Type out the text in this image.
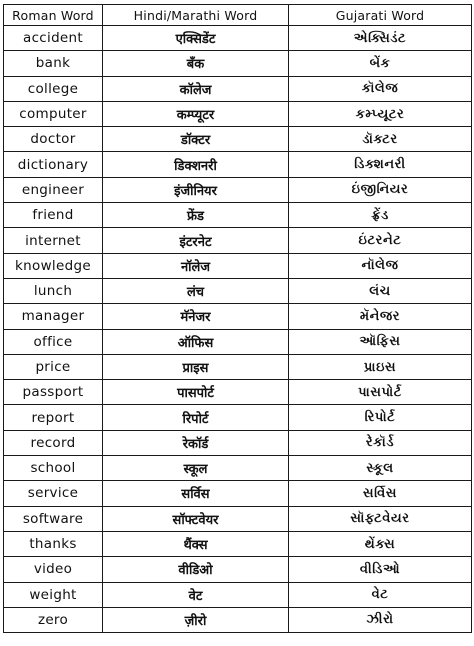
Roman Word	Hindi/Marathi Word	Gujarati Word
accident	एक्सिडेंट	એક્સિડંટ
bank	बँक	બેંક
college	कॉलेज	કૉલેજ
computer	कम्प्यूटर	કમ્પ્યૂટર
doctor	डॉक्टर	ડૉક્ટર
dictionary	डिक्शनरी	ડિક્શનરી
engineer	इंजीनियर	ઇંજીનિયર
friend	फ्रेंड	ફ્રેંડ
internet	इंटरनेट	ઇંટરનેટ
knowledge	नॉलेज	નૉલેજ
lunch	लंच	લંચ
manager	मॅनेजर	મૅનેજર
office	ऑफिस	ઑફિસ
price	प्राइस	પ્રાઇસ
passport	पासपोर्ट	પાસપોર્ટ
report	रिपोर्ट	રિપોર્ટ
record	रेकॉर्ड	રેકૉર્ડ
school	स्कूल	સ્કૂલ
service	सर्विस	સર્વિસ
software	सॉफ्टवेयर	સૉફ્ટવેયર
thanks	थैंक्स	થેંક્સ
video	वीडिओ	વીડિઓ
weight	वेट	વેટ
zero	ज़ीरो	ઝીરો
